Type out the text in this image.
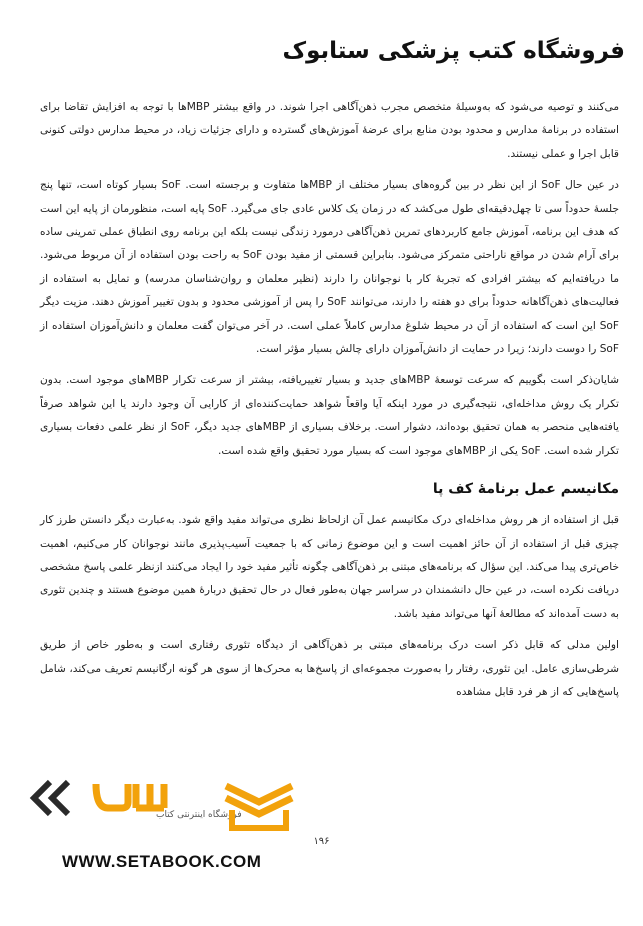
فروشگاه کتب پزشکی ستابوک

می‌کنند و توصیه می‌شود که به‌وسیلهٔ متخصص مجرب ذهن‌آگاهی اجرا شوند. در واقع بیشتر MBPها با توجه به افزایش تقاضا برای استفاده در برنامهٔ مدارس و محدود بودن منابع برای عرضهٔ آموزش‌های گسترده و دارای جزئیات زیاد، در محیط مدارس دولتی کنونی قابل اجرا و عملی نیستند.

در عین حال SoF از این نظر در بین گروه‌های بسیار مختلف از MBPها متفاوت و برجسته است. SoF بسیار کوتاه است، تنها پنج جلسهٔ حدوداً سی تا چهل‌دقیقه‌ای طول می‌کشد که در زمان یک کلاس عادی جای می‌گیرد. SoF پایه است، منظورمان از پایه این است که هدف این برنامه، آموزش جامع کاربردهای تمرین ذهن‌آگاهی درمورد زندگی نیست بلکه این برنامه روی انطباق عملی تمرینی ساده برای آرام شدن در مواقع ناراحتی متمرکز می‌شود. بنابراین قسمتی از مفید بودن SoF به راحت بودن استفاده از آن مربوط می‌شود. ما دریافته‌ایم که بیشتر افرادی که تجربهٔ کار با نوجوانان را دارند (نظیر معلمان و روان‌شناسان مدرسه) و تمایل به استفاده از فعالیت‌های ذهن‌آگاهانه حدوداً برای دو هفته را دارند، می‌توانند SoF را پس از آموزشی محدود و بدون تغییر آموزش دهند. مزیت دیگر SoF این است که استفاده از آن در محیط شلوغ مدارس کاملاً عملی است. در آخر می‌توان گفت معلمان و دانش‌آموزان استفاده از SoF را دوست دارند؛ زیرا در حمایت از دانش‌آموزان دارای چالش بسیار مؤثر است.

شایان‌ذکر است بگوییم که سرعت توسعهٔ MBPهای جدید و بسیار تغییریافته، بیشتر از سرعت تکرار MBPهای موجود است. بدون تکرار یک روش مداخله‌ای، نتیجه‌گیری در مورد اینکه آیا واقعاً شواهد حمایت‌کننده‌ای از کارایی آن وجود دارند یا این شواهد صرفاً یافته‌هایی منحصر به همان تحقیق بوده‌اند، دشوار است. برخلاف بسیاری از MBPهای جدید دیگر، SoF از نظر علمی دفعات بسیاری تکرار شده است. SoF یکی از MBPهای موجود است که بسیار مورد تحقیق واقع شده است.

مکانیسم عمل برنامهٔ کف پا

قبل از استفاده از هر روش مداخله‌ای درک مکانیسم عمل آن ازلحاظ نظری می‌تواند مفید واقع شود. به‌عبارت دیگر دانستن طرز کار چیزی قبل از استفاده از آن حائز اهمیت است و این موضوع زمانی که با جمعیت آسیب‌پذیری مانند نوجوانان کار می‌کنیم، اهمیت خاص‌تری پیدا می‌کند. این سؤال که برنامه‌های مبتنی بر ذهن‌آگاهی چگونه تأثیر مفید خود را ایجاد می‌کنند ازنظر علمی پاسخ مشخصی دریافت نکرده است، در عین حال دانشمندان در سراسر جهان به‌طور فعال در حال تحقیق دربارهٔ همین موضوع هستند و چندین تئوری به دست آمده‌اند که مطالعهٔ آنها می‌تواند مفید باشد.

اولین مدلی که قابل ذکر است درک برنامه‌های مبتنی بر ذهن‌آگاهی از دیدگاه تئوری رفتاری است و به‌طور خاص از طریق شرطی‌سازی عامل. این تئوری، رفتار را به‌صورت مجموعه‌ای از پاسخ‌ها به محرک‌ها از سوی هر گونه ارگانیسم تعریف می‌کند، شامل پاسخ‌هایی که از هر فرد قابل مشاهده

فروشگاه اینترنتی کتاب
۱۹۶
WWW.SETABOOK.COM
